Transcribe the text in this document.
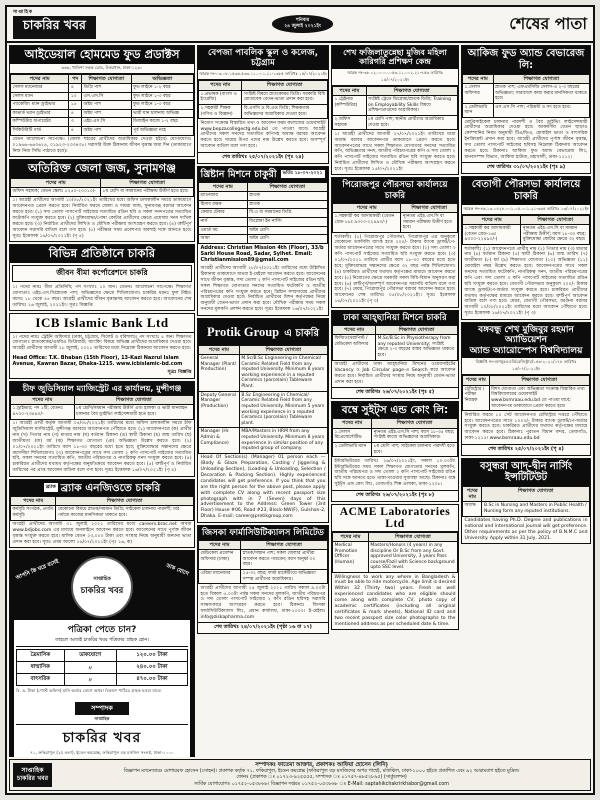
সাপ্তাহিক
চাকরির খবর	শনিবার
২৪ জুলাই ২০২১ইং	শেষের পাতা
আইডেয়াল হোমমেড ফুড প্রডাক্টস
৬৬৬, খালিশা সড়ক রোড, উত্তরখান, ঢাকা-১২৩০
পদের নাম	পদ	শিক্ষাগত যোগ্যতা	অভিজ্ঞতা
সেলস ম্যানেজার	৪	ডিগ্রি পাশ	ফুড লাইনে ১-২ বছর
সেলস ম্যান	১০	এস.এস.সি	ফুড লাইনে ১-৩ বছর
প্যাকেজিং ম্যান ড্রাইভার	১৫	অষ্টম পাশ	ফুড লাইনে ১-৩ বছর
কাভার্ড ভ্যান ড্রাইভার	৪	অষ্টম পাশ	ভারী যান চালনায় অভিজ্ঞ
কম্পিউটার অপারেটর	৩	এইচ.এস.সি	ডিজাইন কাজে ১-২ বছর
সিকিউরিটি গার্ড	৪	অষ্টম পাশ	পূর্ব অভিজ্ঞতা নহে
বেতন আলোচনা সাপেক্ষে। (জেলা শহরের প্রার্থীদের অগ্রাধিকার দেওয়া হইবে) যোগাযোগঃ ০১৯৬৬-৬৬৩৬২৪, ০১৯২৩-২৩৩৪৩৮। সরাসরি উক্ত ঠিকানায় জীবন বৃত্তান্ত জমা দিন (ডাকযোগে নিজ নিজ সিভি পাঠাতে হবে)।
অতিরিক্ত জেলা জজ, সুনামগঞ্জ
পদের নাম	শিক্ষাগত যোগ্যতা
অফিস সহায়ক; বেতন স্কেলঃ ৮২৫০-২০০১০/-	৮ম শ্রেণি বা সমমানের পরীক্ষায় উত্তীর্ণ হতে হবে।
১। আগ্রহী প্রার্থীদের আগামী ১০/০৮/২০২১ইং তারিখের মধ্যে অফিস চলাকালীন সময়ে ডাকযোগে আবেদনপত্র প্রেরণ করতে হবে। নির্ধারিত ফরমে জেলা ও দায়রা জজ, সুনামগঞ্জ বরাবর আবেদন করতে হবে। (১) সদ্য তোলা পাসপোর্ট সাইজের সত্যায়িত রঙিন ছবি ও সকল সনদপত্রের সত্যায়িত ফটোকপি সংযুক্ত করতে হবে। (২) মুক্তিযোদ্ধা/পোষ্য কোটার প্রার্থীদের ক্ষেত্রে প্রযোজ্য সনদ দাখিল করতে হবে। (৩) নির্বাচিত প্রার্থীদের লিখিত ও মৌখিক পরীক্ষায় অংশগ্রহণ করতে হবে। (৪) ত্রুটিপূর্ণ আবেদন সরাসরি বাতিল বলে গণ্য হবে। (৫) পরীক্ষার সময় প্রবেশপত্র অবশ্যই সঙ্গে আনতে হবে। সূত্রঃ ইত্তেফাক ১৬/০৭/২০২১ইং (পৃ ৪)
বিভিন্ন প্রতিষ্ঠানে চাকরি
জীবন বীমা কর্পোরেশনে চাকরি
১। পদের নামঃ বীমা প্রতিনিধি; পদ সংখ্যাঃ ১০ জন। বেতনঃ আলোচনা সাপেক্ষে। শিক্ষাগত যোগ্যতাঃ এইচ.এস.সি/স্নাতক পাশ; অভিজ্ঞদের ক্ষেত্রে শিথিলযোগ্য। চাকরির ধরনঃ ফুল টাইম। বয়সঃ ১৮ থেকে ৪৫ বছর। আগ্রহী প্রার্থীদের জীবন বৃত্তান্তসহ আবেদন করতে হবে। আবেদনের শেষ তারিখঃ ২৬ জুলাই, ২০২১ইং। সূত্রঃ বিজ্ঞপ্তি
ICB Islamic Bank Ltd
১। পদের নামঃ ট্রেইনি অফিসার (ঢাকা, চট্টগ্রাম, সিলেট ও বরিশাল)। পদ সংখ্যাঃ ৫ জন। শিক্ষাগত যোগ্যতাঃ স্নাতকোত্তর/এমবিএ ডিগ্রিধারী; ব্যাংকিং বিষয়ে অভিজ্ঞ প্রার্থীদের অগ্রাধিকার দেওয়া হবে। আগ্রহী প্রার্থীদের আগামী ২৮ জুলাই, ২০২১ তারিখের মধ্যে নিম্নোক্ত ঠিকানায় আবেদন করতে হবে।
Head Office: T.K. Bhaban (15th Floor), 13-Kazi Nazrul Islam Avenue, Kawran Bazar, Dhaka-1215. www.icbislamic-bd.com
সূত্রঃ বিজ্ঞপ্তি
চীফ জুডিসিয়াল ম্যাজিস্ট্রেট এর কার্যালয়, মুন্সীগঞ্জ
পদের নাম	শিক্ষাগত যোগ্যতা
১.ড্রাইভার; পদ ১টি; বেতনঃ ৯৭০০-২৩৪৯০/-	৮ম শ্রেণি/সমমান পরীক্ষায় উত্তীর্ণ এবং হালকা ও ভারী যানবাহন চালনার বৈধ ড্রাইভিং লাইসেন্সধারী হতে হবে।
১। আগ্রহী প্রার্থী কর্তৃক আগামী ০৫/০৮/২০২১ইং তারিখের মধ্যে অফিস চলাকালীন সময়ে চীফ জুডিসিয়াল ম্যাজিস্ট্রেট, মুন্সীগঞ্জ বরাবরে আবেদনপত্র পৌঁছাতে হবে। (১) আবেদনপত্রে (ক) প্রার্থীর নাম (খ) পিতার নাম (গ) মাতার নাম (ঘ) বর্তমান ঠিকানা (ঙ) স্থায়ী ঠিকানা (চ) জন্ম তারিখ (ছ) জাতীয়তা (জ) ধর্ম (ঝ) শিক্ষাগত যোগ্যতা (ঞ) অভিজ্ঞতা উল্লেখ করতে হবে। (২) ০১/০৭/২০২১ইং তারিখে বয়স ১৮-৩০ বছরের মধ্যে হতে হবে; মুক্তিযোদ্ধার সন্তানদের ক্ষেত্রে বয়সসীমা শিথিলযোগ্য। (৩) আবেদনপত্রের সাথে সদ্য তোলা ২ কপি পাসপোর্ট সাইজের সত্যায়িত ছবি, সকল সনদের সত্যায়িত কপি, জাতীয় পরিচয়পত্র ও নাগরিকত্ব সনদ সংযুক্ত করতে হবে। (৪) চাকরিরত প্রার্থীদের যথাযথ কর্তৃপক্ষের অনুমতিক্রমে আবেদন করতে হবে। (৫) ত্রুটিপূর্ণ ও নির্ধারিত তারিখের পর প্রাপ্ত আবেদন বাতিল বলে গণ্য হবে। সূত্রঃ ইত্তেফাক ১৬/০৭/২০২১ইং (পৃ ৪)
ব্র্যাক ব্র্যাক এনজিওতে চাকরি
পদের নাম	শিক্ষাগত যোগ্যতা
কর্মসূচি সংগঠক, প্রগতি কর্মসূচি	যেকোনো বিষয়ে স্নাতক/সমমান ডিগ্রি; সাইকেল চালনায় পারদর্শী; মাঠ পর্যায়ে কাজের মানসিকতা থাকতে হবে।
আগ্রহী প্রার্থীদের আগামী ৩১ জুলাই ২০২১ তারিখের মধ্যে careers.brac.net অথবা www.bdjobs.com এর মাধ্যমে অনলাইনে আবেদন করতে হবে। আবেদনের সাথে পূর্ণাঙ্গ জীবন বৃত্তান্ত সংযুক্ত করতে হবে। মাসিক বেতন ২৩,০০০ টাকা এবং সংস্থার নিয়ম অনুযায়ী অন্যান্য ভাতা প্রদান করা হবে। সূত্রঃ প্রথম আলো ১৬/০৭/২০২১ইং (পৃঃ ১৬, ক)
আপনি কি ঘরে বসেই	ডাক যোগে
সাপ্তাহিক
চাকরির খবর
পত্রিকা পেতে চান?
তাহলে আজই চাকরির খবর পত্রিকার গ্রাহক হোন।
ত্রৈমাসিক	ডাকযোগে	১২০.০০ টাকা
ষান্মাসিক	〃	২৪০.০০ টাকা
বাৎসরিক	〃	৪৭০.০০ টাকা
বি. দ্র. টাকা (পোস্ট অফিস) মানি অর্ডার যোগে অথবা বিকাশে পাঠিয়ে গ্রাহক হওয়া যাবে।
সম্পাদক
সাপ্তাহিক
চাকরির খবর
৭১, ফকিরাপুল (২য় তলা), ইডেন কমপ্লেক্স, ফকিরাপুল বড় মসজিদ সংলগ্ন, ঢাকা-১০০০
বেপজা পাবলিক স্কুল ও কলেজ, চট্টগ্রাম
স্মারক নং-০৩.০৮.১৫৩৬.৫৩৩.১১.০০১.২১-১৩৮৫ তারিখঃ ১৫/০৭/২০২১ইং
পদের নাম	শিক্ষাগত যোগ্যতা
১.প্রভাষক (বাংলা ও ইংরেজি)	সংশ্লিষ্ট বিষয়ে স্নাতকোত্তর ডিগ্রি। সরকারি বিধি মোতাবেক বেতন-ভাতা প্রদান করা হবে।
২.সহকারী শিক্ষক (গণিত ও বিজ্ঞান)	বি.এসসি ও বি.এড ডিগ্রি; শিক্ষকতায় অভিজ্ঞদের অগ্রাধিকার দেওয়া হবে।
নিয়োগ সংক্রান্ত বিস্তারিত তথ্য ও আবেদন ফরম কলেজের ওয়েবসাইট www.bepzacollegectg.edu.bd তে পাওয়া যাবে। আগ্রহী প্রার্থীদের সকল সনদের সত্যায়িত কপিসহ অধ্যক্ষ বরাবর আবেদন করতে হবে। খামের উপর পদের নাম উল্লেখ করতে হবে। অসম্পূর্ণ আবেদন বাতিল বলে গণ্য হবে।
শেষ তারিখঃ ২৫/০৭/২০২১ইং (পৃঃ ২৪)
খ্রিষ্টান মিশনে চাকুরী	ভর্তিঃ ১৮-০৭-২০২১
পদের নাম	শিক্ষাগত যোগ্যতা
ম্যানেজার	স্নাতক
হিসাব রক্ষক	স্নাতক
কেয়ার টেকার	বি.এ বা সমমানের ডিগ্রি
নার্স	ডিপ্লোমা ইন নার্সিং
ওয়ার্ড বয়	অষ্টম শ্রেণি
আয়া	অষ্টম শ্রেণি
Address: Christian Mission 4th (Floor), 33/b Sarki House Road, Sadar, Sylhet. Email: Christianmission89@gmail.com
আগ্রহী প্রার্থীদের আগামী ২৮/০৭/২০২১ইং তারিখের মধ্যে উল্লিখিত ঠিকানায় ডাকযোগে অথবা ই-মেইলে আবেদন করতে হবে। আবেদনের সাথে জীবন বৃত্তান্ত, সদ্য তোলা ২ কপি পাসপোর্ট সাইজের রঙিন ছবি, সকল শিক্ষাগত যোগ্যতার সনদের সত্যায়িত ফটোকপি ও জাতীয় পরিচয়পত্রের কপি সংযুক্ত করতে হবে। খ্রিষ্টান সম্প্রদায়ের প্রার্থীদের অগ্রাধিকার দেওয়া হবে। নির্বাচিত প্রার্থীদের মিশন কর্তৃপক্ষের নিয়ম অনুযায়ী বেতন-ভাতা প্রদান করা হবে। মৌখিক পরীক্ষার সময় সকল সনদের মূলকপি প্রদর্শন করতে হবে। সূত্রঃ ইত্তেফাক ১৬/০৭/২০২১ইং
Protik Group এ চাকরি
পদের নাম	শিক্ষাগত যোগ্যতা
General Manager (Plant/ Production)	M.Sc/B.Sc Engineering in Chemical/ Ceramic Related Field from any reputed University. Minimum 8 years working experience in a reputed Ceramics (porcelain) Tableware Plant.
Deputy General Manager (Production)	B.Sc Engineering in Chemical/ Ceramic Related Field from any reputed University. Minimum 5 years working experience in a reputed Ceramics (porcelain) Tableware plant.
Manager (Hr. Admin & Compliance)	MBA/Masters in HRM from any reputed University. Minimum 8 years experience in similar position of any reputed group of company.
Head Of Section(s) (Manager) 01 person each — (Body & Glaze Preparation, Casting / Jiggering & Unloading Section), (Loading & Unloading, Selection / Decoration & Packing Section). Highly experienced candidates will get preference. If you think that you are the right person for the above post, please apply with complete CV along with recent passport size photograph with in 7 (Seven) days of this advertisement to the Address: Green Tower (3rd Floor) House #06, Road #23, Block-NW(F), Gulshan-2, Dhaka. E-mail: career@protikgroup.com
জিসকা ফার্মাসিউটিক্যালস লিমিটেড
পদের নাম	শিক্ষাগত যোগ্যতা
মেডিকেল প্রমোশন অফিসার (ঢাকা)	স্নাতক/সম্মান পাশ; সকল জেলার প্রার্থীরা আবেদন করতে পারবেন; বয়স অনূর্ধ্ব ৩০ বছর।
এরিয়া ম্যানেজার	২৫-৩২ বছর; ফার্মা মার্কেটিংয়ে অভিজ্ঞতা সম্পন্ন প্রার্থীদের অগ্রাধিকার।
আগ্রহী প্রার্থীদের আগামী ২৪ জুলাই ২০২১ তারিখ সকাল ৯.০০টা হতে বিকাল ৫.০০টা পর্যন্ত সকল সনদের মূলকপি, জাতীয় পরিচয়পত্র ও সদ্য তোলা পাসপোর্ট সাইজের ২ কপি রঙিন ছবিসহ সরাসরি সাক্ষাৎকারে অংশগ্রহণ করতে হবে। ঠিকানাঃ জিসকা ফার্মাসিউটিক্যালস লিঃ, প্রধান কার্যালয়, ঢাকা-১০০০। ই-মেইলঃ info@ziskapharma.com
শেষ তারিখঃ ২৪/০৭/২০২১ইং (পৃষ্ঠা ১৬ বা ১৭)
শেখ ফজিলাতুন্নেছা মুজিব মহিলা কারিগরি প্রশিক্ষণ কেন্দ্র
স্মারক নং-৩৮.০২.০০০০.০৫৩.১১.০০২.২১-৪৫৬ তারিখঃ ১৫/০৭/২০২১ইং
পদের নাম	শিক্ষাগত যোগ্যতা
১.ট্রেইনার (কম্পিউটার)	সংশ্লিষ্ট ট্রেডে ডিপ্লোমা/স্নাতক ডিগ্রি; Training on Employability Skills বিষয়ে প্রশিক্ষণপ্রাপ্তদের অগ্রাধিকার।
২.অফিস সহায়ক	৮ম শ্রেণি পাশ; স্থানীয় প্রার্থীদের অগ্রাধিকার দেওয়া হবে।
১। আগ্রহী প্রার্থীদের আগামী ২৭/০৭/২০২১ইং তারিখের মধ্যে অধ্যক্ষ বরাবর আবেদনপত্র ডাকযোগে প্রেরণ করতে হবে। আবেদনপত্রের সাথে সকল শিক্ষাগত যোগ্যতার সনদের সত্যায়িত কপি, অভিজ্ঞতার সনদ, জাতীয় পরিচয়পত্রের কপি ও সদ্য তোলা ২ কপি পাসপোর্ট সাইজের সত্যায়িত রঙিন ছবি সংযুক্ত করতে হবে। নির্বাচিত প্রার্থীদের লিখিত ও মৌখিক পরীক্ষায় অংশগ্রহণ করতে হবে। সূত্রঃ ইত্তেফাক ১৫/০৭/২০২১ইং
পিরোজপুর পৌরসভা কার্যালয়ে চাকরি
পদের নাম	শিক্ষাগত যোগ্যতা
১.সহকারী কর আদায়কারী (বেতন গ্রেড-১৬ঃ ৯৩০০-২২৪৯০/-)	ন্যূনতম এইচ.এস.সি বা সমমান পরীক্ষায় উত্তীর্ণ হতে হবে।
শর্তাবলীঃ (১) পিরোজপুর পৌরসভা, পিরোজপুর এর অনুকূলে যেকোনো তফসিলি ব্যাংক হতে ২০০/- টাকার ব্যাংক ড্রাফট/পে-অর্ডার আবেদনপত্রের সাথে সংযুক্ত করতে হবে। (২) সদ্য তোলা ৩ কপি পাসপোর্ট সাইজের সত্যায়িত ছবি সংযুক্ত করতে হবে। (৩) ০১/০৭/২০২১ তারিখে প্রার্থীর বয়স ১৮-৩০ বছরের মধ্যে হতে হবে; মুক্তিযোদ্ধার সন্তানদের ক্ষেত্রে ৩২ বছর পর্যন্ত শিথিলযোগ্য। (৪) চাকরিরত প্রার্থীদের যথাযথ কর্তৃপক্ষের মাধ্যমে আবেদন করতে হবে। (৫) নিয়োগের ক্ষেত্রে সরকারি সকল বিধি-বিধান অনুসরণ করা হবে। (৬) ত্রুটিপূর্ণ/অসম্পূর্ণ আবেদনপত্র সরাসরি বাতিল বলে গণ্য হবে। (৭) মেয়র, পিরোজপুর পৌরসভা বরাবর আবেদন করতে হবে। আবেদনের শেষ তারিখঃ ০৫/০৮/২০২১ইং। সূত্রঃ ইত্তেফাক ১৬/০৭/২০২১ইং (পৃ ৩)
ঢাকা আহ্ছানিয়া মিশনে চাকরি
পদের নাম	শিক্ষাগত যোগ্যতা
ফিজিওথেরাপিস্ট / মেডিকেল অফিসার	M.Sc/B.Sc in Physiotherapy from any reputed University; সংশ্লিষ্ট ক্ষেত্রে ২-৩ বছরের বাস্তব অভিজ্ঞতা থাকতে হবে।
আগ্রহী প্রার্থীদের ঢাকা আহ্ছানিয়া মিশনের ওয়েবসাইটের Vacancy ও Job Circular page-এ Search করে আবেদন করতে হবে। নির্বাচিত প্রার্থীদের সংস্থার নিয়ম অনুযায়ী বেতন-ভাতা প্রদান করা হবে।
শেষ তারিখঃ ২৬/০৭/২০২১ইং (পৃঃ ৫)
বম্বে সুইট্‌স এন্ড কোং লি:
পদের নাম	শিক্ষাগত যোগ্যতা
১.সেলস রিপ্রেজেন্টেটিভ	ন্যূনতম এইচ.এস.সি পাশ; বয়স ১৮-৩৫ বছর; সংশ্লিষ্ট কাজে অভিজ্ঞদের অগ্রাধিকার।
২.ডেলিভারি ম্যান	৮ম শ্রেণি পাশ; সাইকেল চালনায় পারদর্শী হতে হবে।
ইন্টারভিউয়ের তারিখঃ ২৬/০৭/২০২১ইং, সকাল ১০.০০টা। ইন্টারভিউয়ের সময় সকল শিক্ষাগত যোগ্যতার সনদের মূলকপি, জাতীয় পরিচয়পত্র ও সদ্য তোলা ২ কপি পাসপোর্ট সাইজের রঙিন ছবি সঙ্গে আনতে হবে। থাকা-খাওয়ার সুব্যবস্থা আছে। ঠিকানাঃ বম্বে সুইট্‌স এন্ড কোং লিঃ, তেজগাঁও শিল্প এলাকা, ঢাকা-১২০৮।
শেষ তারিখঃ ২৬/০৭/২০২১ইং (পৃঃ ৮)
ACME Laboratories Ltd
পদের নাম	শিক্ষাগত যোগ্যতা
Medical Promotion Officer (Human)	Masters/Honors (4 years) in any discipline Or B.Sc from any Govt. approved University, 3 years Pass course/Fazil with Science background upto SSC level.
Willingness to work any where in Bangladesh & must be able to ride motorcycle. Age limit is desired Within 32 (Thirty two) years. Fresh as well experienced candidates who are eligible should come along with complete CV, photo copy of academic certificates (including all original certificates & mark sheets), National ID card and two recent passport size color photographs to the mentioned address as per scheduled date & time.
আকিজ ফুড অ্যান্ড বেভারেজ লি:
পদের নাম	শিক্ষাগত যোগ্যতা
১.সেলস অফিসার	স্নাতক পাশ; এফএমসিজি সেলস-এ ২-৩ বছরের অভিজ্ঞতা; সারাদেশে কাজ করার মানসিকতা থাকতে হবে।
২.ডেলিভারি ম্যান	এস.এস.সি পাশ; পরিশ্রমী ও সৎ হতে হবে।
মোটরসাইকেল চালনায় পারদর্শী ও বৈধ ড্রাইভিং লাইসেন্সধারী প্রার্থীদের অগ্রাধিকার দেওয়া হবে। আকর্ষণীয় বেতন ছাড়াও কোম্পানির নিয়ম অনুযায়ী টিএ/ডিএ, মোবাইল ভাতা ও বাৎসরিক ইনক্রিমেন্ট প্রদান করা হবে। আগ্রহী প্রার্থীদের পূর্ণাঙ্গ জীবন বৃত্তান্ত, সদ্য তোলা পাসপোর্ট সাইজের ছবিসহ নিম্নোক্ত ঠিকানায় আবেদন করতে হবে। ঠিকানাঃ আকিজ ফুড অ্যান্ড বেভারেজ লিঃ, মানবসম্পদ বিভাগ, আকিজ হাউজ, মহাখালী, ঢাকা-১২১২।
শেষ তারিখঃ ৩১/০৭/২০২১ইং (পৃঃ ৯)
বেতাগী পৌরসভা কার্যালয়ে চাকরি
স্মারক নং-৪৬.১৩.০৪২৮.০০১.০৫.০০১.২১-৩৬৫ তারিখঃ ১৩/০৭/২০২১ইং
পদের নাম	শিক্ষাগত যোগ্যতা
১.সহকারী কর আদায়কারী (বেতন গ্রেড-১৬ঃ ৯৩০০-২২৪৯০/-)	ন্যূনতম এইচ.এস.সি বা সমমান পরীক্ষায় উত্তীর্ণ; বয়স ১৮-৩০ বছর; মুক্তিযোদ্ধা কোটার ক্ষেত্রে ৩২ বছর।
শর্তাবলীঃ (১) আবেদনপত্রে প্রার্থীর নাম (২) পিতার নাম (৩) মাতার নাম (৪) বর্তমান ঠিকানা (৫) স্থায়ী ঠিকানা (৬) জন্ম তারিখ (৭) জাতীয়তা (৮) ধর্ম (৯) শিক্ষাগত যোগ্যতা (১০) অভিজ্ঞতা (১১) মোবাইল নম্বর উল্লেখ করতে হবে। আবেদনপত্রের সাথে সকল সনদের সত্যায়িত ফটোকপি, নাগরিকত্ব সনদ, জাতীয় পরিচয়পত্রের কপি এবং সদ্য তোলা ৩ কপি পাসপোর্ট সাইজের সত্যায়িত রঙিন ছবি সংযুক্ত করতে হবে। বেতাগী পৌরসভার অনুকূলে ২০০/- টাকার ব্যাংক ড্রাফট/পে-অর্ডার সংযুক্ত করতে হবে। চাকরিরত প্রার্থীদের যথাযথ কর্তৃপক্ষের মাধ্যমে আবেদন করতে হবে। ত্রুটিপূর্ণ আবেদন বাতিল বলে গণ্য হবে। মেয়র, বেতাগী পৌরসভা, বরগুনা বরাবর আগামী ১০/০৮/২০২১ইং তারিখের মধ্যে আবেদন পৌঁছাতে হবে। সূত্রঃ ইত্তেফাক ১৬/০৭/২০২১ইং (পৃ ৩)
বঙ্গবন্ধু শেখ মুজিবুর রহমান অ্যাভিয়েশন
অ্যান্ড অ্যারোস্পেস বিশ্ববিদ্যালয়
বিজ্ঞপ্তি নং-বশেমুরএএবি/রেজিস্ট্রার/১৫৬-২০২১/১৭৮ তারিখঃ ১৫/০৭/২০২১ইং
পদের নাম	শিক্ষাগত যোগ্যতা
রেজিস্ট্রার / পরীক্ষা নিয়ন্ত্রক	বিশদ যোগ্যতা এবং অভিজ্ঞতা সংক্রান্ত বিস্তারিত তথ্য বিশ্ববিদ্যালয়ের ওয়েবসাইট www.bsmraau.edu.bd তে পাওয়া যাবে; আবেদনপত্র ডাকযোগে প্রেরণ করতে হবে।
নির্ধারিত ফরমে ১০ সেট আবেদনপত্র রেজিস্ট্রার দপ্তরে পৌঁছাতে হবে। আবেদনপত্রের সাথে ১০০০/- টাকার ব্যাংক ড্রাফট/পে-অর্ডার সংযুক্ত করতে হবে। চাকরিরত প্রার্থীদের যথাযথ কর্তৃপক্ষের মাধ্যমে আবেদন করতে হবে। ঠিকানাঃ পুরাতন বিমান বন্দর, তেজগাঁও, ঢাকা-১২১৫। www.bsmraau.edu.bd
শেষ তারিখঃ ২৫/০৭/২০২১ইং (পৃ ৪)
বসুন্ধরা আদ্-দ্বীন নার্সিং ইন্সটিটিউট
পদের নাম	শিক্ষাগত যোগ্যতা
অধ্যক্ষ	B.Sc in Nursing and Masters in Public Health / Nursing form any reputed institutions.
Candidates having Ph.D. Degree and publications in national and international journal will get preference. Other requirements as per the policy of B.N.M.C and University. Apply within 31 July, 2021.
সাপ্তাহিক
চাকরির খবর
সম্পাদকঃ ফাতেমা আক্তার, প্রকাশকঃ আফিয়া হোসেন (লিনি)
বিজ্ঞাপন ম্যানেজারঃ মোশাররফ হোসেন (সোহন)। প্রকাশক কর্তৃক ৭১, ফকিরাপুল, ইডেন কমপ্লেক্স (ফকিরাপুল বড় মসজিদের অপর পার্শ্বে), মতিঝিল, ঢাকা-১০০০ হইতে প্রকাশিত এবং ৯২ আরামবাগ হইতে মুদ্রিত।
ফোনঃ (প্রকাশক ঃ ০১৭২৩-৯২৫৫৫৫, সম্পাদক ঃ ০১৭৫৭-৪৮৫২৮৯৫) (সার্কুলেশন)
সার্বিক যোগাযোগঃ ০১৭৫২-০৫৩৮৬৮। বিজ্ঞাপন দপ্তরঃ ০১৭৫২-০৫৩৮৬৮ ঃ E-Mail: saptahikchakrirkhabor@gmail.com
